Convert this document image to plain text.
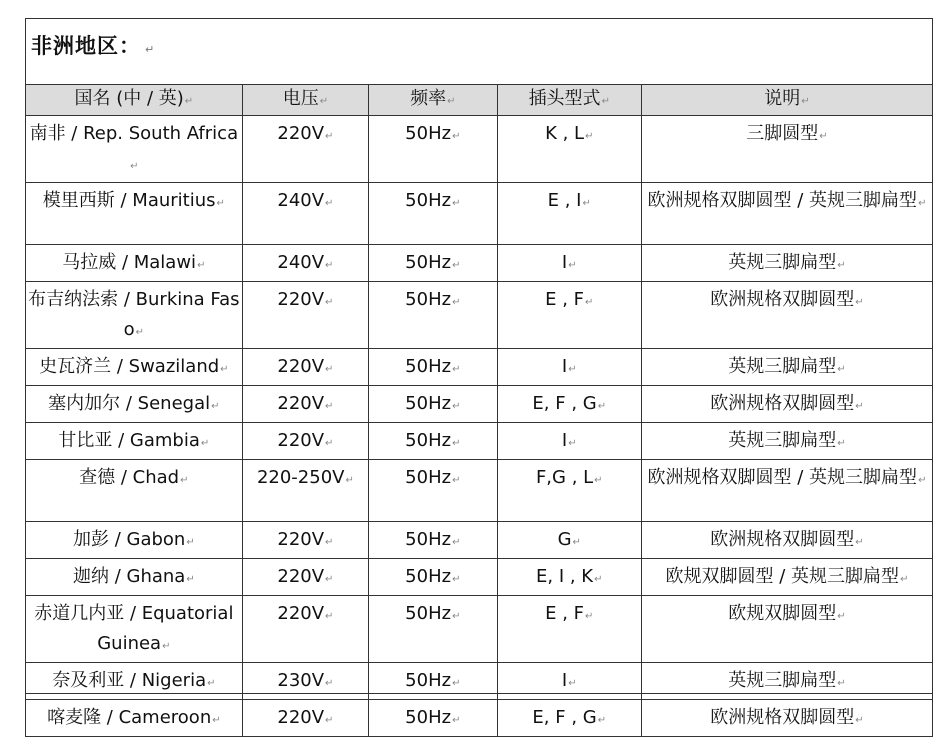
非洲地区： ↵
国名 (中 / 英)↵	电压↵	频率↵	插头型式↵	说明↵
南非 / Rep. South Africa↵	220V↵	50Hz↵	K , L↵	三脚圆型↵
模里西斯 / Mauritius↵	240V↵	50Hz↵	E , I↵	欧洲规格双脚圆型 / 英规三脚扁型↵
马拉威 / Malawi↵	240V↵	50Hz↵	I↵	英规三脚扁型↵
布吉纳法索 / Burkina Faso↵	220V↵	50Hz↵	E , F↵	欧洲规格双脚圆型↵
史瓦济兰 / Swaziland↵	220V↵	50Hz↵	I↵	英规三脚扁型↵
塞内加尔 / Senegal↵	220V↵	50Hz↵	E, F , G↵	欧洲规格双脚圆型↵
甘比亚 / Gambia↵	220V↵	50Hz↵	I↵	英规三脚扁型↵
查德 / Chad↵	220-250V↵	50Hz↵	F,G , L↵	欧洲规格双脚圆型 / 英规三脚扁型↵
加彭 / Gabon↵	220V↵	50Hz↵	G↵	欧洲规格双脚圆型↵
迦纳 / Ghana↵	220V↵	50Hz↵	E, I , K↵	欧规双脚圆型 / 英规三脚扁型↵
赤道几内亚 / Equatorial Guinea↵	220V↵	50Hz↵	E , F↵	欧规双脚圆型↵
奈及利亚 / Nigeria↵	230V↵	50Hz↵	I↵	英规三脚扁型↵
喀麦隆 / Cameroon↵	220V↵	50Hz↵	E, F , G↵	欧洲规格双脚圆型↵
